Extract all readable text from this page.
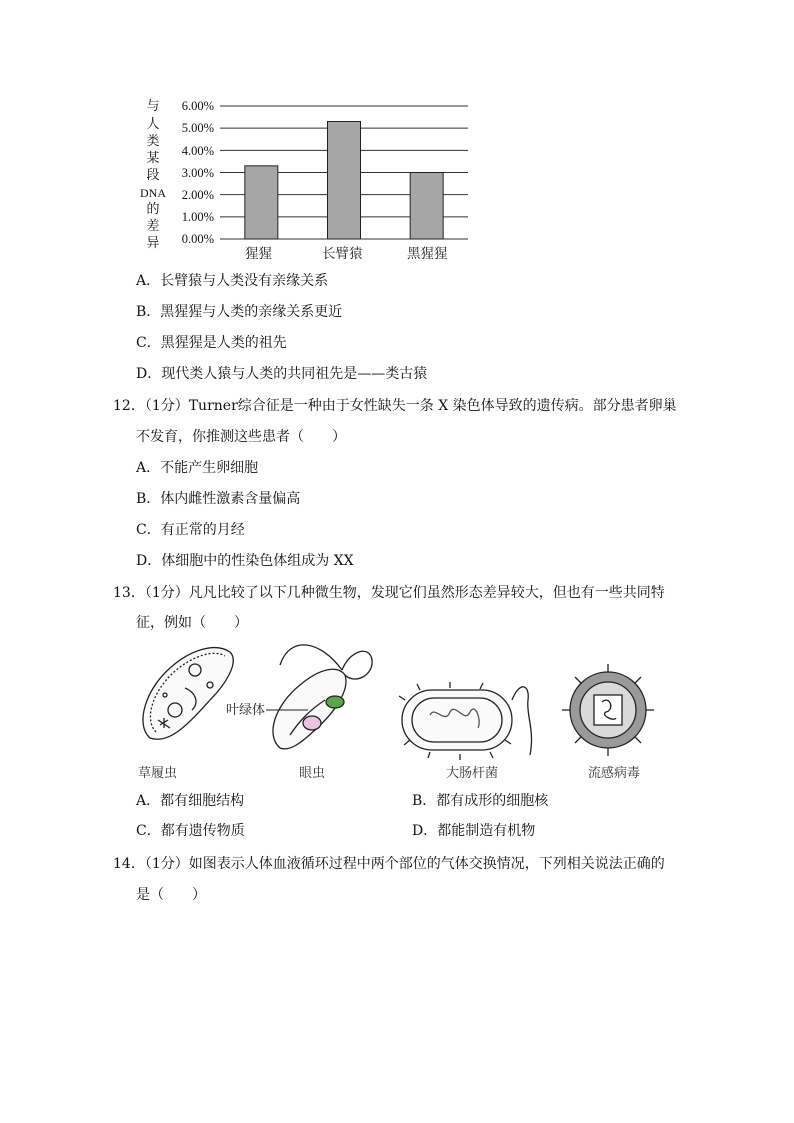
与
人
类
某
段
DNA
的
差
异
6.00%
5.00%
4.00%
3.00%
2.00%
1.00%
0.00%
猩猩	长臂猿	黑猩猩
A．长臂猿与人类没有亲缘关系
B．黑猩猩与人类的亲缘关系更近
C．黑猩猩是人类的祖先
D．现代类人猿与人类的共同祖先是——类古猿
12．（1分）Turner综合征是一种由于女性缺失一条 X 染色体导致的遗传病。部分患者卵巢
不发育，你推测这些患者（　　）
A．不能产生卵细胞
B．体内雌性激素含量偏高
C．有正常的月经
D．体细胞中的性染色体组成为 XX
13．（1分）凡凡比较了以下几种微生物，发现它们虽然形态差异较大，但也有一些共同特
征，例如（　　）
叶绿体
草履虫	眼虫	大肠杆菌	流感病毒
A．都有细胞结构	B．都有成形的细胞核
C．都有遗传物质	D．都能制造有机物
14．（1分）如图表示人体血液循环过程中两个部位的气体交换情况，下列相关说法正确的
是（　　）
